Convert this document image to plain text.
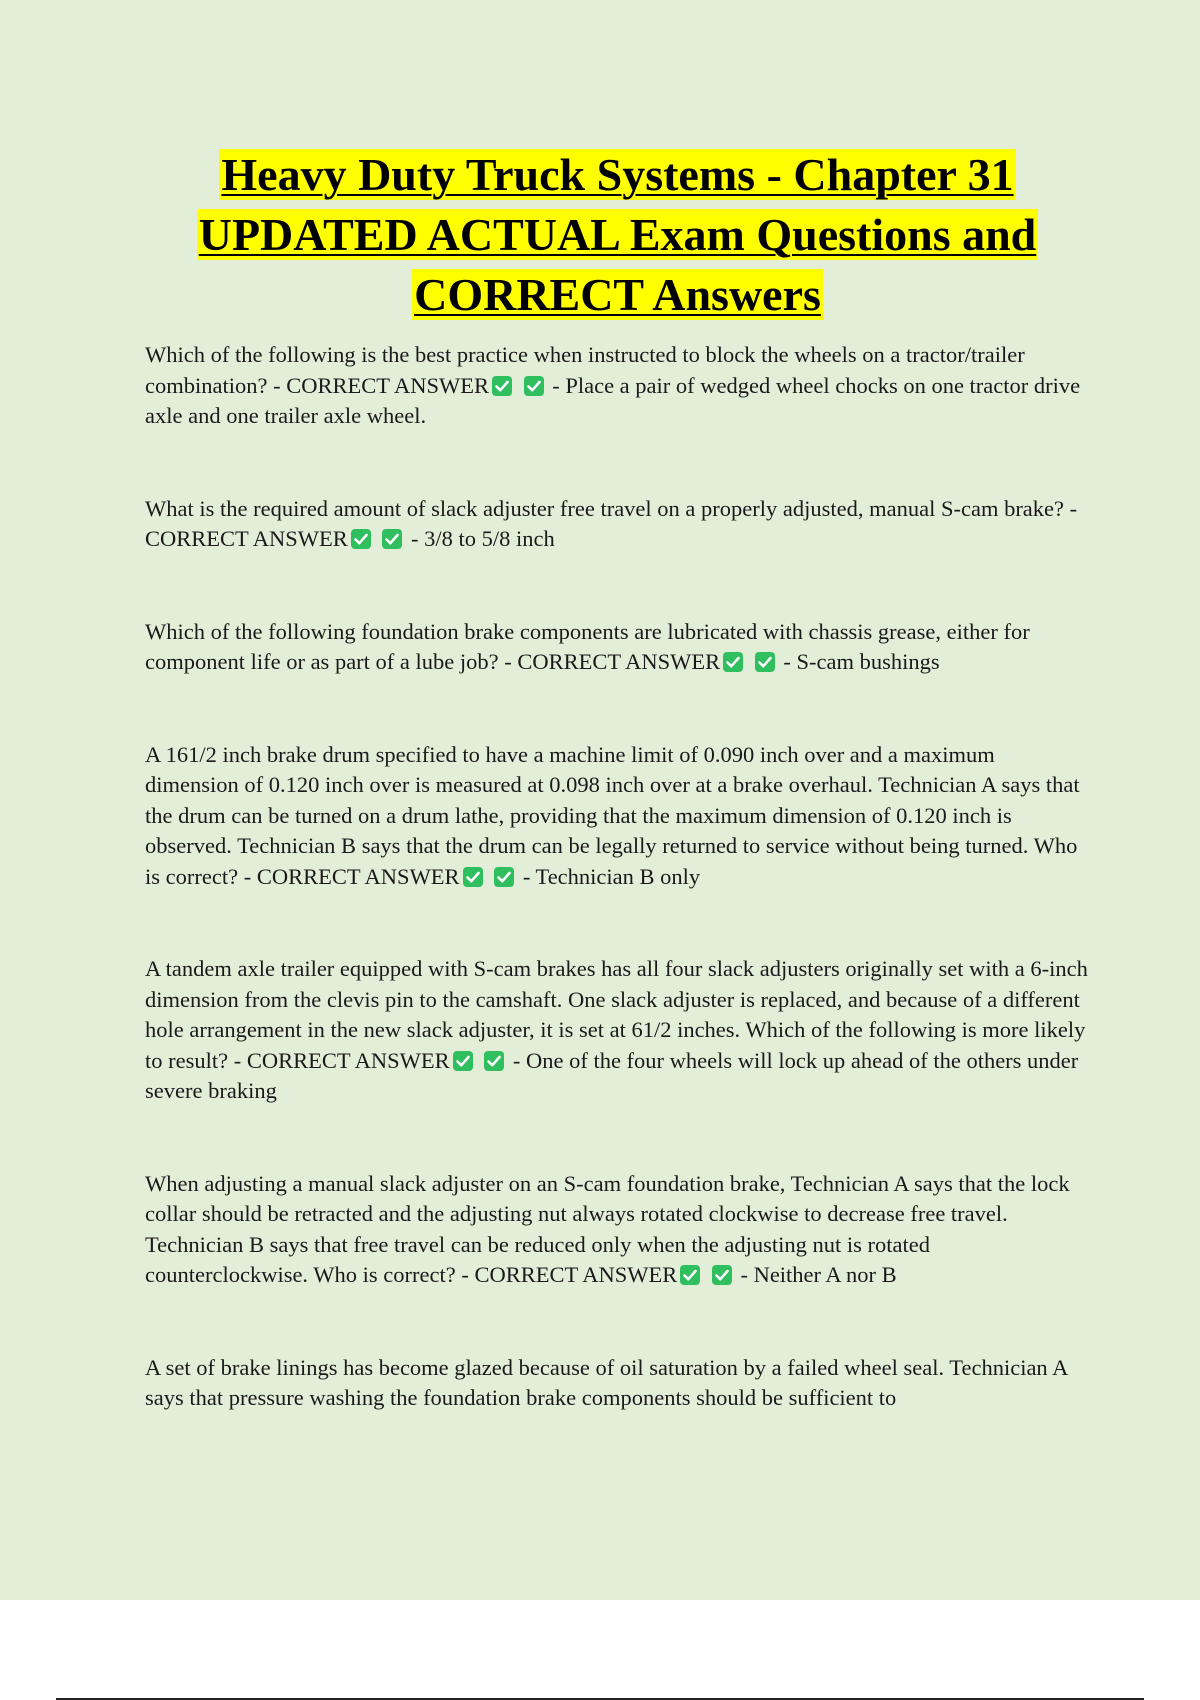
Heavy Duty Truck Systems - Chapter 31
UPDATED ACTUAL Exam Questions and
CORRECT Answers

Which of the following is the best practice when instructed to block the wheels on a tractor/trailer combination? - CORRECT ANSWER
	- Place a pair of wedged wheel chocks on one tractor drive axle and one trailer axle wheel.

What is the required amount of slack adjuster free travel on a properly adjusted, manual S-cam brake? - CORRECT ANSWER
	- 3/8 to 5/8 inch

Which of the following foundation brake components are lubricated with chassis grease, either for component life or as part of a lube job? - CORRECT ANSWER
	- S-cam bushings

A 161/2 inch brake drum specified to have a machine limit of 0.090 inch over and a maximum dimension of 0.120 inch over is measured at 0.098 inch over at a brake overhaul. Technician A says that the drum can be turned on a drum lathe, providing that the maximum dimension of 0.120 inch is observed. Technician B says that the drum can be legally returned to service without being turned. Who is correct? - CORRECT ANSWER
	- Technician B only

A tandem axle trailer equipped with S-cam brakes has all four slack adjusters originally set with a 6-inch dimension from the clevis pin to the camshaft. One slack adjuster is replaced, and because of a different hole arrangement in the new slack adjuster, it is set at 61/2 inches. Which of the following is more likely to result? - CORRECT ANSWER
	- One of the four wheels will lock up ahead of the others under severe braking

When adjusting a manual slack adjuster on an S-cam foundation brake, Technician A says that the lock collar should be retracted and the adjusting nut always rotated clockwise to decrease free travel. Technician B says that free travel can be reduced only when the adjusting nut is rotated counterclockwise. Who is correct? - CORRECT ANSWER
	- Neither A nor B

A set of brake linings has become glazed because of oil saturation by a failed wheel seal. Technician A says that pressure washing the foundation brake components should be sufficient to
